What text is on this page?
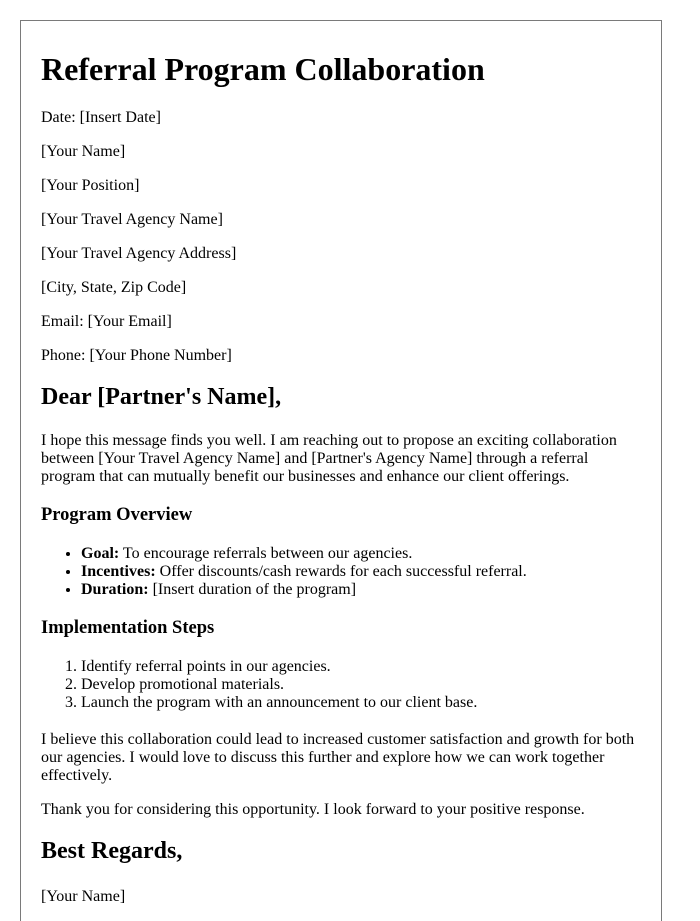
Referral Program Collaboration

Date: [Insert Date]

[Your Name]

[Your Position]

[Your Travel Agency Name]

[Your Travel Agency Address]

[City, State, Zip Code]

Email: [Your Email]

Phone: [Your Phone Number]

Dear [Partner's Name],

I hope this message finds you well. I am reaching out to propose an exciting collaboration between [Your Travel Agency Name] and [Partner's Agency Name] through a referral program that can mutually benefit our businesses and enhance our client offerings.

Program Overview
• Goal: To encourage referrals between our agencies.
• Incentives: Offer discounts/cash rewards for each successful referral.
• Duration: [Insert duration of the program]
Implementation Steps
1. Identify referral points in our agencies.
2. Develop promotional materials.
3. Launch the program with an announcement to our client base.

I believe this collaboration could lead to increased customer satisfaction and growth for both our agencies. I would love to discuss this further and explore how we can work together effectively.

Thank you for considering this opportunity. I look forward to your positive response.

Best Regards,

[Your Name]
